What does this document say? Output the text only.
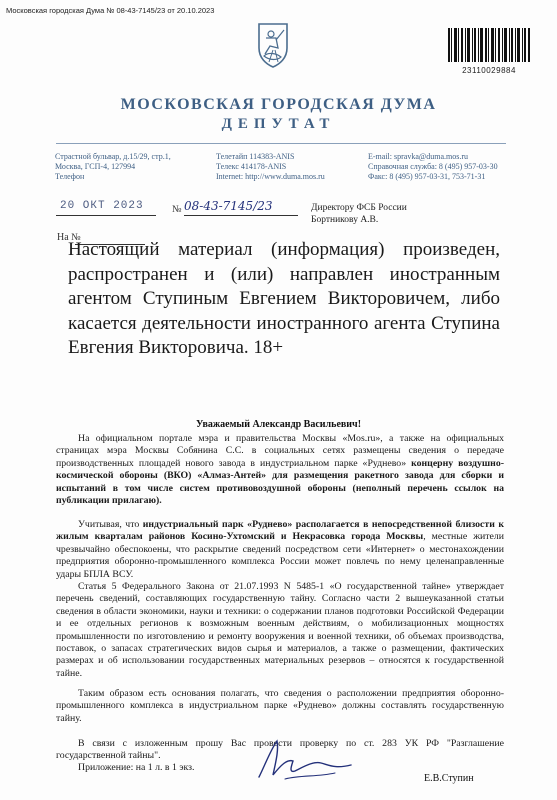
Московская городская Дума № 08-43-7145/23 от 20.10.2023
23110029884
МОСКОВСКАЯ ГОРОДСКАЯ ДУМА
ДЕПУТАТ
Страстной бульвар, д.15/29, стр.1,
Москва, ГСП-4, 127994
Телефон
Телетайп 114383-ANIS
Телекс 414178-ANIS
Internet: http://www.duma.mos.ru
E-mail: spravka@duma.mos.ru
Справочная служба: 8 (495) 957-03-30
Факс: 8 (495) 957-03-31, 753-71-31
20 ОКТ 2023	№ 08-43-7145/23
На №
Директору ФСБ России
Бортникову А.В.
Настоящий материал (информация) произведен, распространен и (или) направлен иностранным агентом Ступиным Евгением Викторовичем, либо касается деятельности иностранного агента Ступина Евгения Викторовича. 18+
Уважаемый Александр Васильевич!

На официальном портале мэра и правительства Москвы «Mos.ru», а также на официальных страницах мэра Москвы Собянина С.С. в социальных сетях размещены сведения о передаче производственных площадей нового завода в индустриальном парке «Руднево» концерну воздушно-космической обороны (ВКО) «Алмаз-Антей» для размещения ракетного завода для сборки и испытаний в том числе систем противовоздушной обороны (неполный перечень ссылок на публикации прилагаю).

Учитывая, что индустриальный парк «Руднево» располагается в непосредственной близости к жилым кварталам районов Косино-Ухтомский и Некрасовка города Москвы, местные жители чрезвычайно обеспокоены, что раскрытие сведений посредством сети «Интернет» о местонахождении предприятия оборонно-промышленного комплекса России может повлечь по нему целенаправленные удары БПЛА ВСУ.

Статья 5 Федерального Закона от 21.07.1993 N 5485-1 «О государственной тайне» утверждает перечень сведений, составляющих государственную тайну. Согласно части 2 вышеуказанной статьи сведения в области экономики, науки и техники: о содержании планов подготовки Российской Федерации и ее отдельных регионов к возможным военным действиям, о мобилизационных мощностях промышленности по изготовлению и ремонту вооружения и военной техники, об объемах производства, поставок, о запасах стратегических видов сырья и материалов, а также о размещении, фактических размерах и об использовании государственных материальных резервов – относятся к государственной тайне.

Таким образом есть основания полагать, что сведения о расположении предприятия оборонно-промышленного комплекса в индустриальном парке «Руднево» должны составлять государственную тайну.

В связи с изложенным прошу Вас провести проверку по ст. 283 УК РФ "Разглашение государственной тайны".

Приложение: на 1 л. в 1 экз.
Е.В.Ступин
